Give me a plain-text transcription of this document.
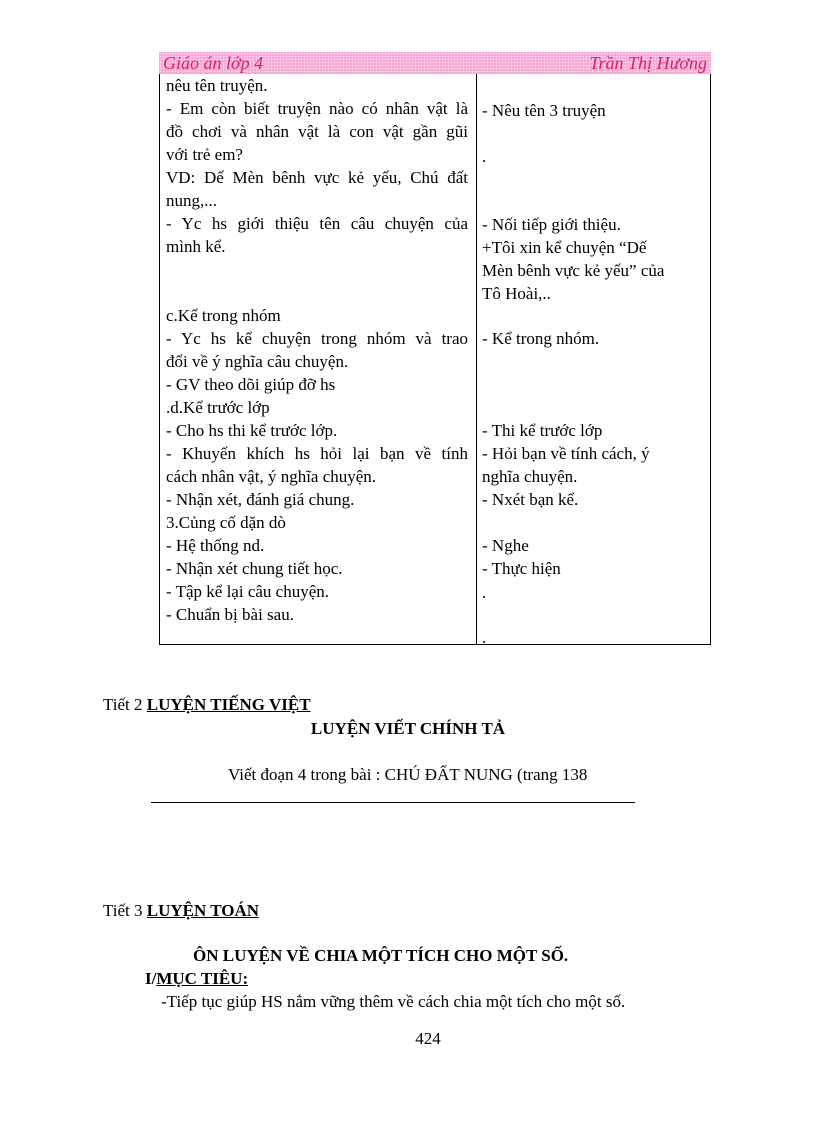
Giáo án lớp 4	Trần Thị Hương
nêu tên truyện.
- Em còn biết truyện nào có nhân vật là
đồ chơi và nhân vật là con vật gần gũi
với trẻ em?
VD: Dế Mèn bênh vực kẻ yếu, Chú đất
nung,...
- Yc hs giới thiệu tên câu chuyện của
mình kể.
c.Kể trong nhóm
- Yc hs kể chuyện trong nhóm và trao
đổi về ý nghĩa câu chuyện.
- GV theo dõi giúp đỡ hs
.d.Kể trước lớp
- Cho hs thi kể trước lớp.
- Khuyến khích hs hỏi lại bạn về tính
cách nhân vật, ý nghĩa chuyện.
- Nhận xét, đánh giá chung.
3.Củng cố dặn dò
- Hệ thống nd.
- Nhận xét chung tiết học.
- Tập kể lại câu chuyện.
- Chuẩn bị bài sau.
- Nêu tên 3 truyện
.
- Nối tiếp giới thiệu.
+Tôi xin kể chuyện “Dế
Mèn bênh vực kẻ yếu” của
Tô Hoài,..
- Kể trong nhóm.
- Thi kể trước lớp
- Hỏi bạn về tính cách, ý
nghĩa chuyện.
- Nxét bạn kể.
- Nghe
- Thực hiện
.
.
Tiết 2 LUYỆN TIẾNG VIỆT
LUYỆN VIẾT CHÍNH TẢ
Viết đoạn 4 trong bài : CHÚ ĐẤT NUNG (trang 138
Tiết 3 LUYỆN TOÁN
ÔN LUYỆN VỀ CHIA MỘT TÍCH CHO MỘT SỐ.
I/MỤC TIÊU:
-Tiếp tục giúp HS nắm vững thêm về cách chia một tích cho một số.
424
